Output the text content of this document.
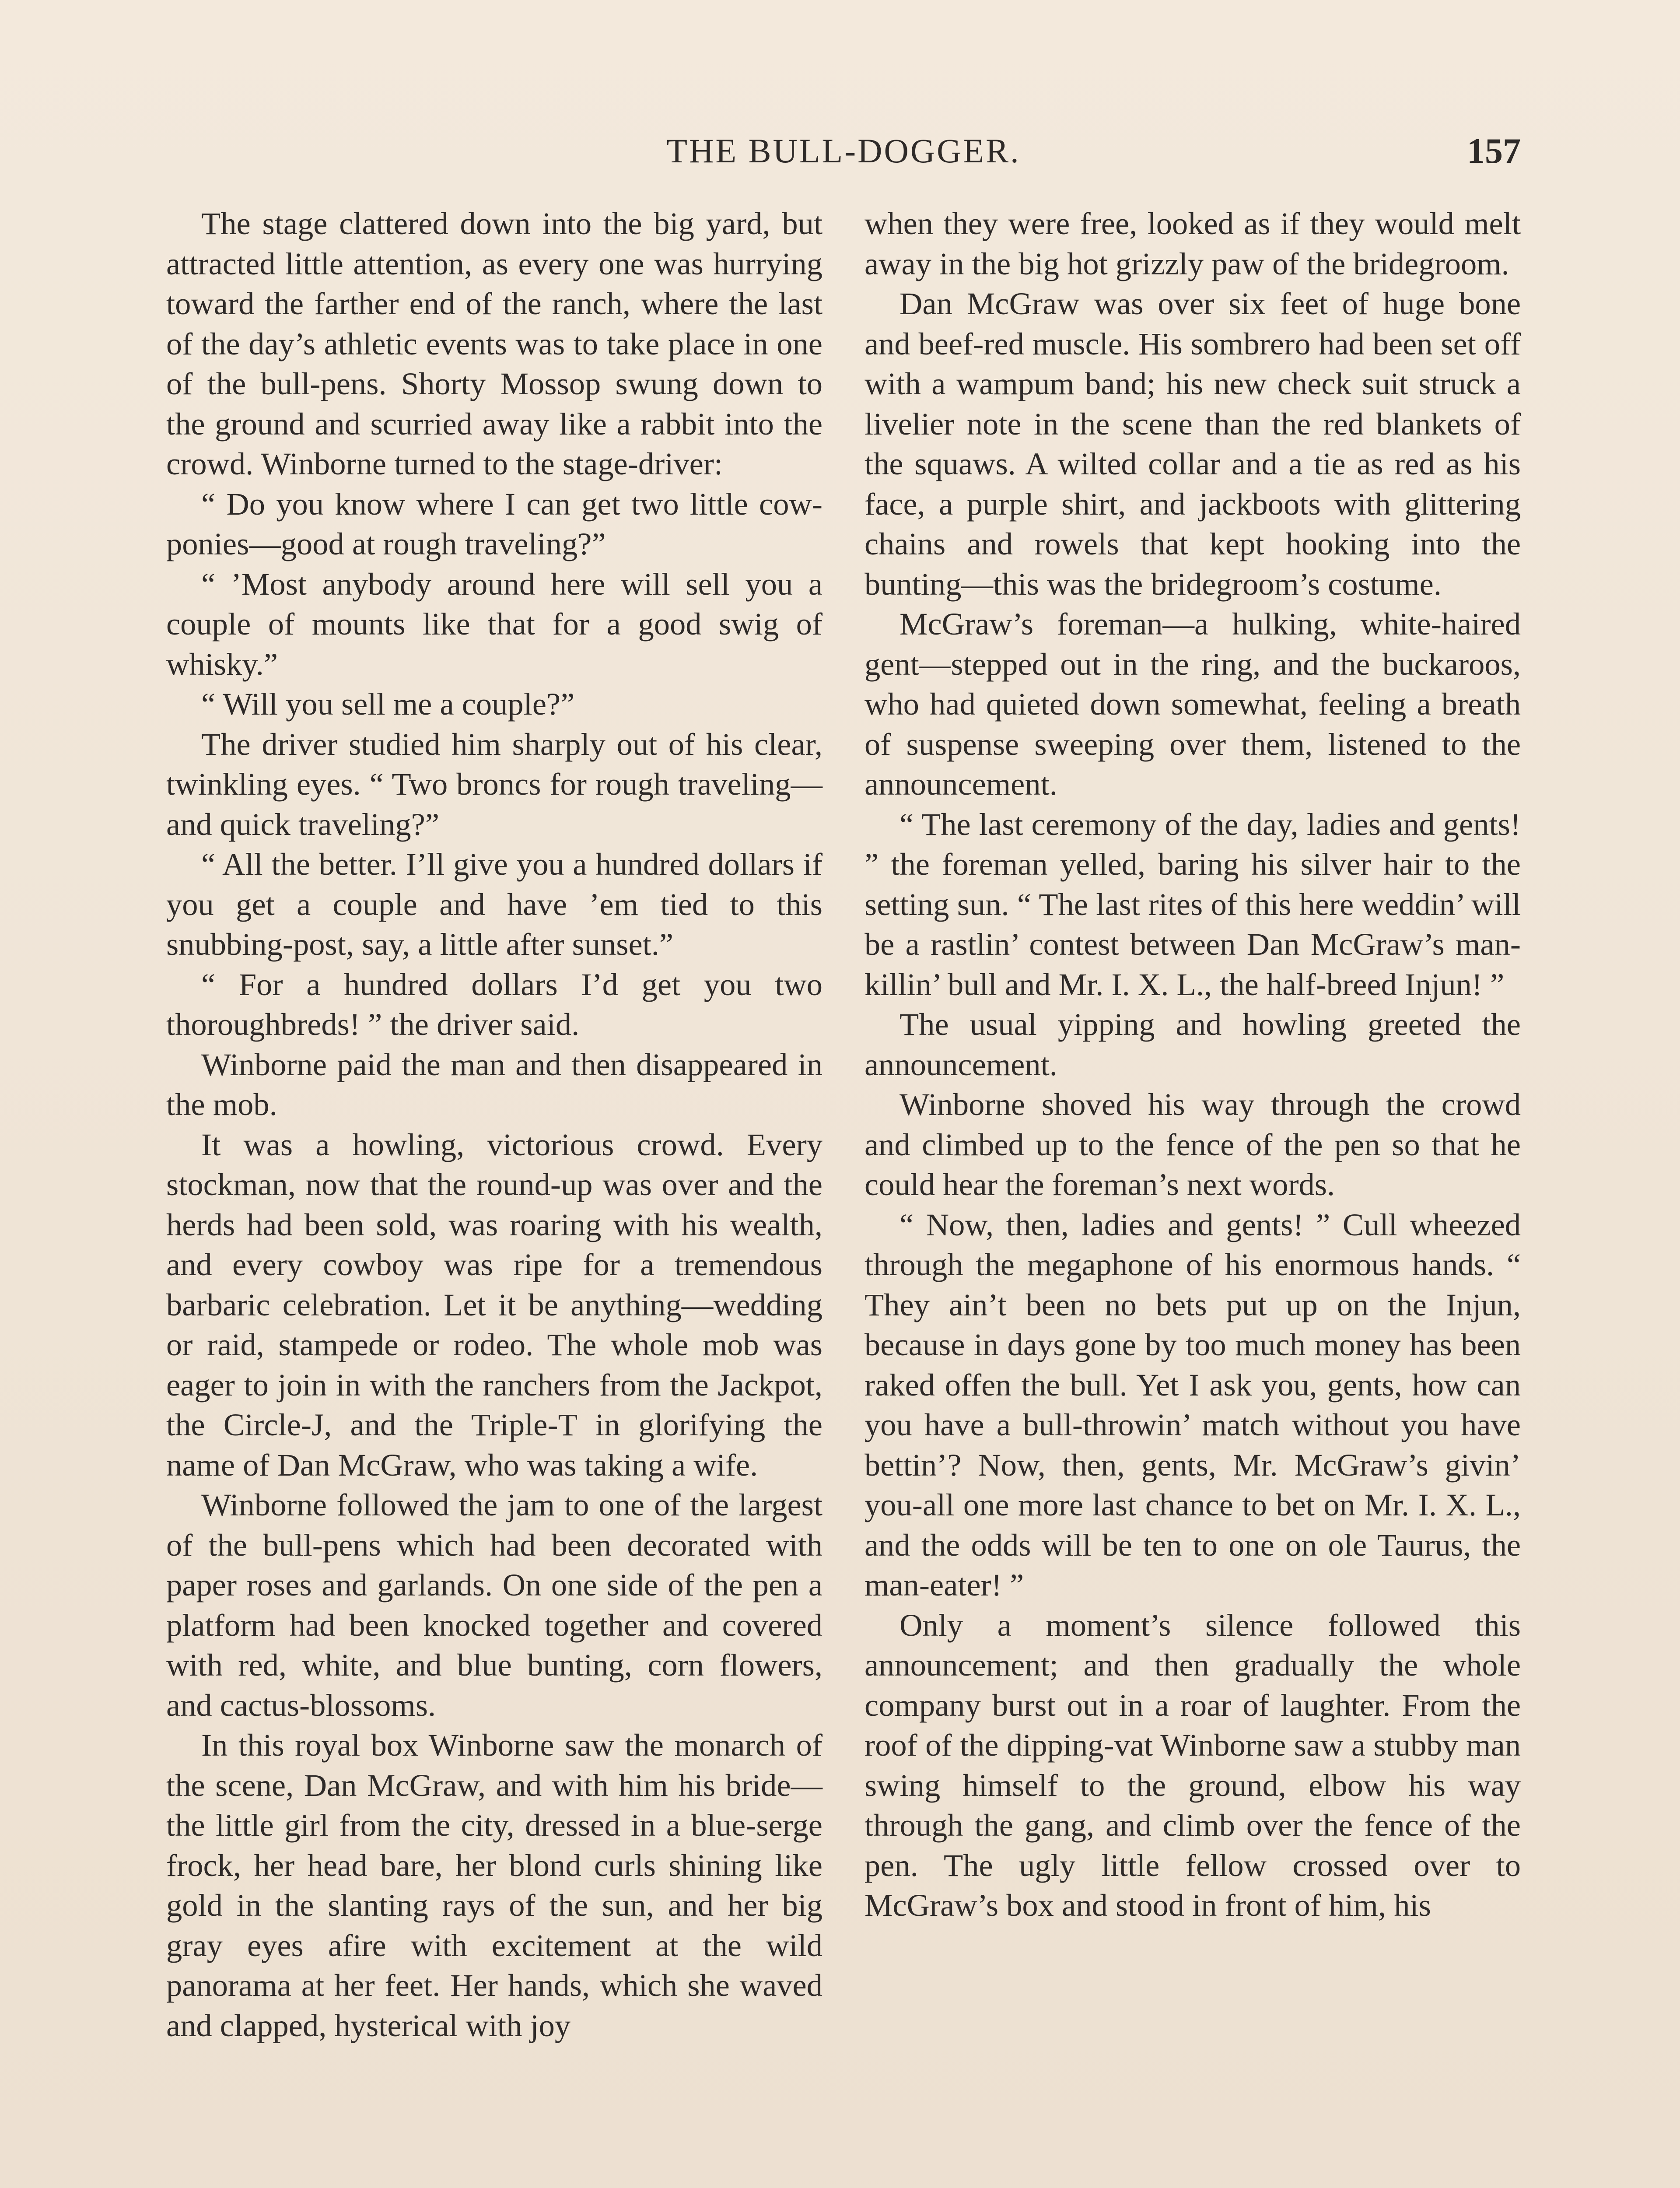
THE BULL-DOGGER.	157

The stage clattered down into the big yard, but attracted little attention, as every one was hurrying toward the farther end of the ranch, where the last of the day’s athletic events was to take place in one of the bull-pens. Shorty Mossop swung down to the ground and scurried away like a rabbit into the crowd. Winborne turned to the stage-driver:

“ Do you know where I can get two little cow-ponies—good at rough traveling?”

“ ’Most anybody around here will sell you a couple of mounts like that for a good swig of whisky.”

“ Will you sell me a couple?”

The driver studied him sharply out of his clear, twinkling eyes. “ Two broncs for rough traveling—and quick traveling?”

“ All the better. I’ll give you a hundred dollars if you get a couple and have ’em tied to this snubbing-post, say, a little after sunset.”

“ For a hundred dollars I’d get you two thoroughbreds! ” the driver said.

Winborne paid the man and then disappeared in the mob.

It was a howling, victorious crowd. Every stockman, now that the round-up was over and the herds had been sold, was roaring with his wealth, and every cowboy was ripe for a tremendous barbaric celebration. Let it be anything—wedding or raid, stampede or rodeo. The whole mob was eager to join in with the ranchers from the Jackpot, the Circle-J, and the Triple-T in glorifying the name of Dan McGraw, who was taking a wife.

Winborne followed the jam to one of the largest of the bull-pens which had been decorated with paper roses and garlands. On one side of the pen a platform had been knocked together and covered with red, white, and blue bunting, corn flowers, and cactus-blossoms.

In this royal box Winborne saw the monarch of the scene, Dan McGraw, and with him his bride—the little girl from the city, dressed in a blue-serge frock, her head bare, her blond curls shining like gold in the slanting rays of the sun, and her big gray eyes afire with excitement at the wild panorama at her feet. Her hands, which she waved and clapped, hysterical with joy

when they were free, looked as if they would melt away in the big hot grizzly paw of the bridegroom.

Dan McGraw was over six feet of huge bone and beef-red muscle. His sombrero had been set off with a wampum band; his new check suit struck a livelier note in the scene than the red blankets of the squaws. A wilted collar and a tie as red as his face, a purple shirt, and jackboots with glittering chains and rowels that kept hooking into the bunting—this was the bridegroom’s costume.

McGraw’s foreman—a hulking, white-haired gent—stepped out in the ring, and the buckaroos, who had quieted down somewhat, feeling a breath of suspense sweeping over them, listened to the announcement.

“ The last ceremony of the day, ladies and gents! ” the foreman yelled, baring his silver hair to the setting sun. “ The last rites of this here weddin’ will be a rastlin’ contest between Dan McGraw’s man-killin’ bull and Mr. I. X. L., the half-breed Injun! ”

The usual yipping and howling greeted the announcement.

Winborne shoved his way through the crowd and climbed up to the fence of the pen so that he could hear the foreman’s next words.

“ Now, then, ladies and gents! ” Cull wheezed through the megaphone of his enormous hands. “ They ain’t been no bets put up on the Injun, because in days gone by too much money has been raked offen the bull. Yet I ask you, gents, how can you have a bull-throwin’ match without you have bettin’? Now, then, gents, Mr. McGraw’s givin’ you-all one more last chance to bet on Mr. I. X. L., and the odds will be ten to one on ole Taurus, the man-eater! ”

Only a moment’s silence followed this announcement; and then gradually the whole company burst out in a roar of laughter. From the roof of the dipping-vat Winborne saw a stubby man swing himself to the ground, elbow his way through the gang, and climb over the fence of the pen. The ugly little fellow crossed over to McGraw’s box and stood in front of him, his
